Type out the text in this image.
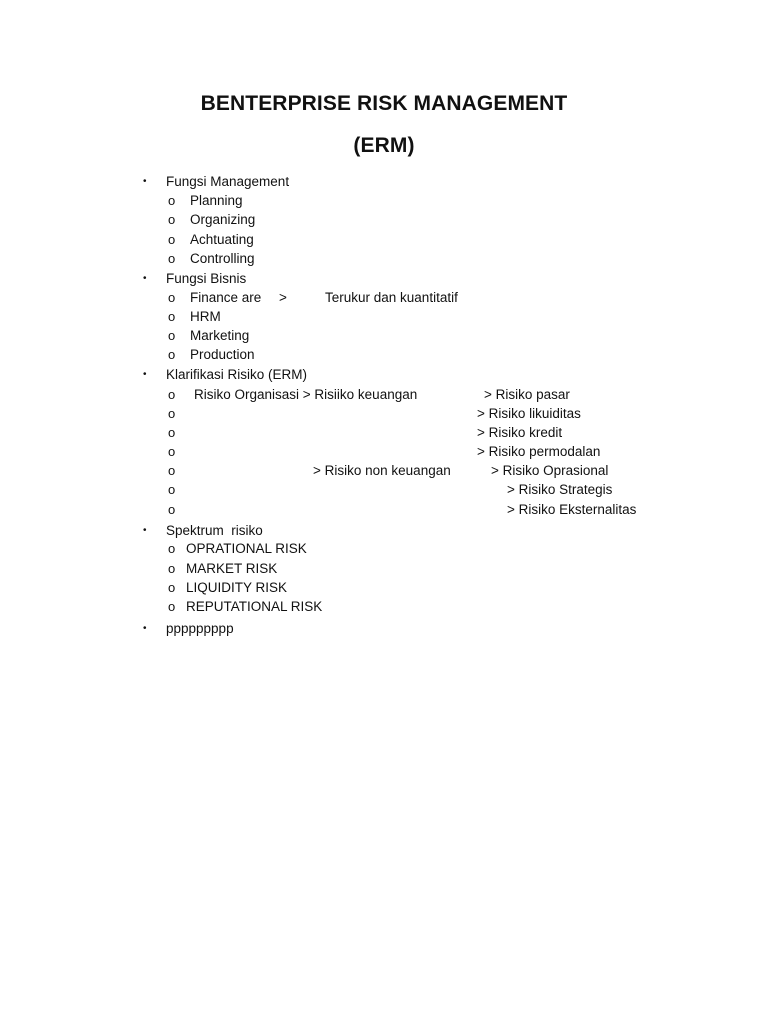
BENTERPRISE RISK MANAGEMENT
(ERM)
• Fungsi Management
o Planning
o Organizing
o Achtuating
o Controlling
• Fungsi Bisnis
o Finance are >	Terukur dan kuantitatif
o HRM
o Marketing
o Production
• Klarifikasi Risiko (ERM)
o Risiko Organisasi > Risiiko keuangan	> Risiko pasar
o	> Risiko likuiditas
o	> Risiko kredit
o	> Risiko permodalan
o	> Risiko non keuangan	> Risiko Oprasional
o	> Risiko Strategis
o	> Risiko Eksternalitas
• Spektrum  risiko
o OPRATIONAL RISK
o MARKET RISK
o LIQUIDITY RISK
o REPUTATIONAL RISK
• ppppppppp
